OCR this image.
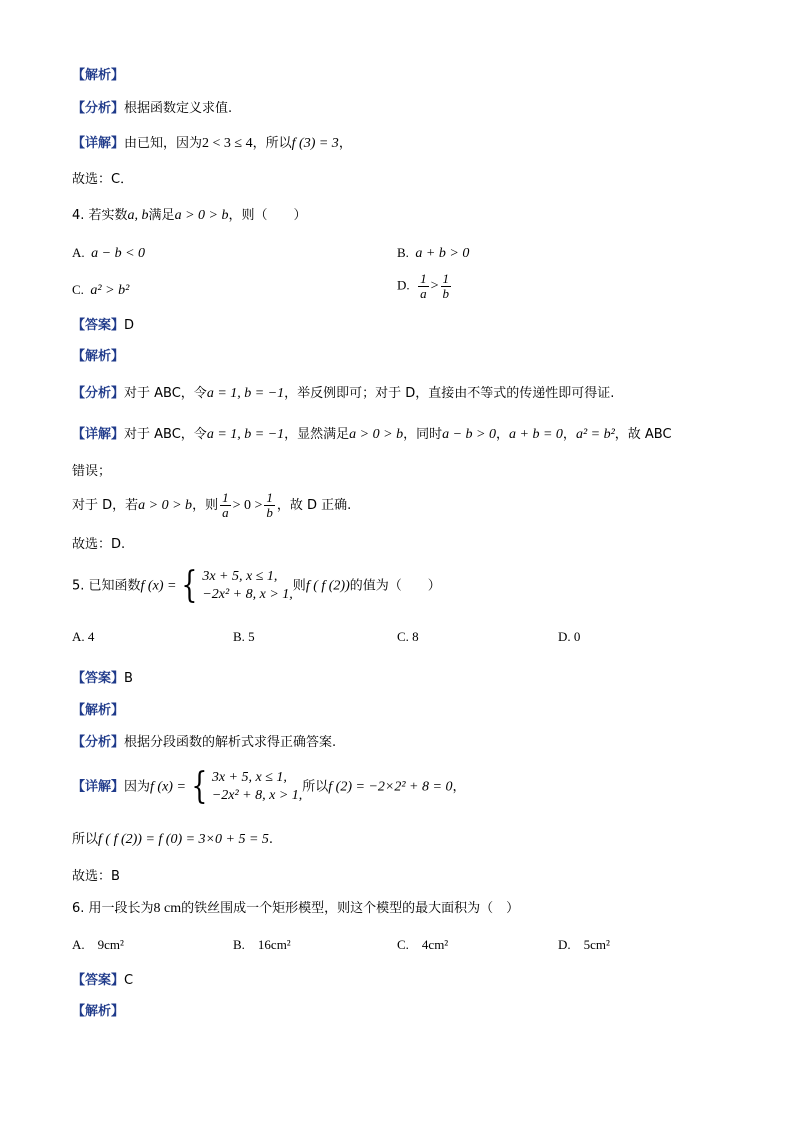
【解析】
【分析】根据函数定义求值.
【详解】由已知，因为2 < 3 ≤ 4，所以f (3) = 3，
故选：C．
4. 若实数a, b满足a > 0 > b，则（　　）
A. a − b < 0	B. a + b > 0
C. a² > b²	D. $\frac{1}{a} > \frac{1}{b}$
【答案】D
【解析】
【分析】对于 ABC，令a = 1, b = −1，举反例即可；对于 D，直接由不等式的传递性即可得证.
【详解】对于 ABC，令a = 1, b = −1，显然满足a > 0 > b，同时a − b > 0，a + b = 0，a² = b²，故 ABC
错误；
对于 D，若a > 0 > b，则 $\frac{1}{a} > 0 > \frac{1}{b}$ ，故 D 正确.
故选：D.
5. 已知函数f (x) = { 3x + 5, x ≤ 1,
−2x² + 8, x > 1,
则f ( f (2))的值为（　　）
A. 4	B. 5	C. 8	D. 0
【答案】B
【解析】
【分析】根据分段函数的解析式求得正确答案.
【详解】因为f (x) = { 3x + 5, x ≤ 1,
−2x² + 8, x > 1,
所以f (2) = −2×2² + 8 = 0，
所以f ( f (2)) = f (0) = 3×0 + 5 = 5.
故选：B
6. 用一段长为8 cm的铁丝围成一个矩形模型，则这个模型的最大面积为（　）
A.　9cm²	B.　16cm²	C.　4cm²	D.　5cm²
【答案】C
【解析】
